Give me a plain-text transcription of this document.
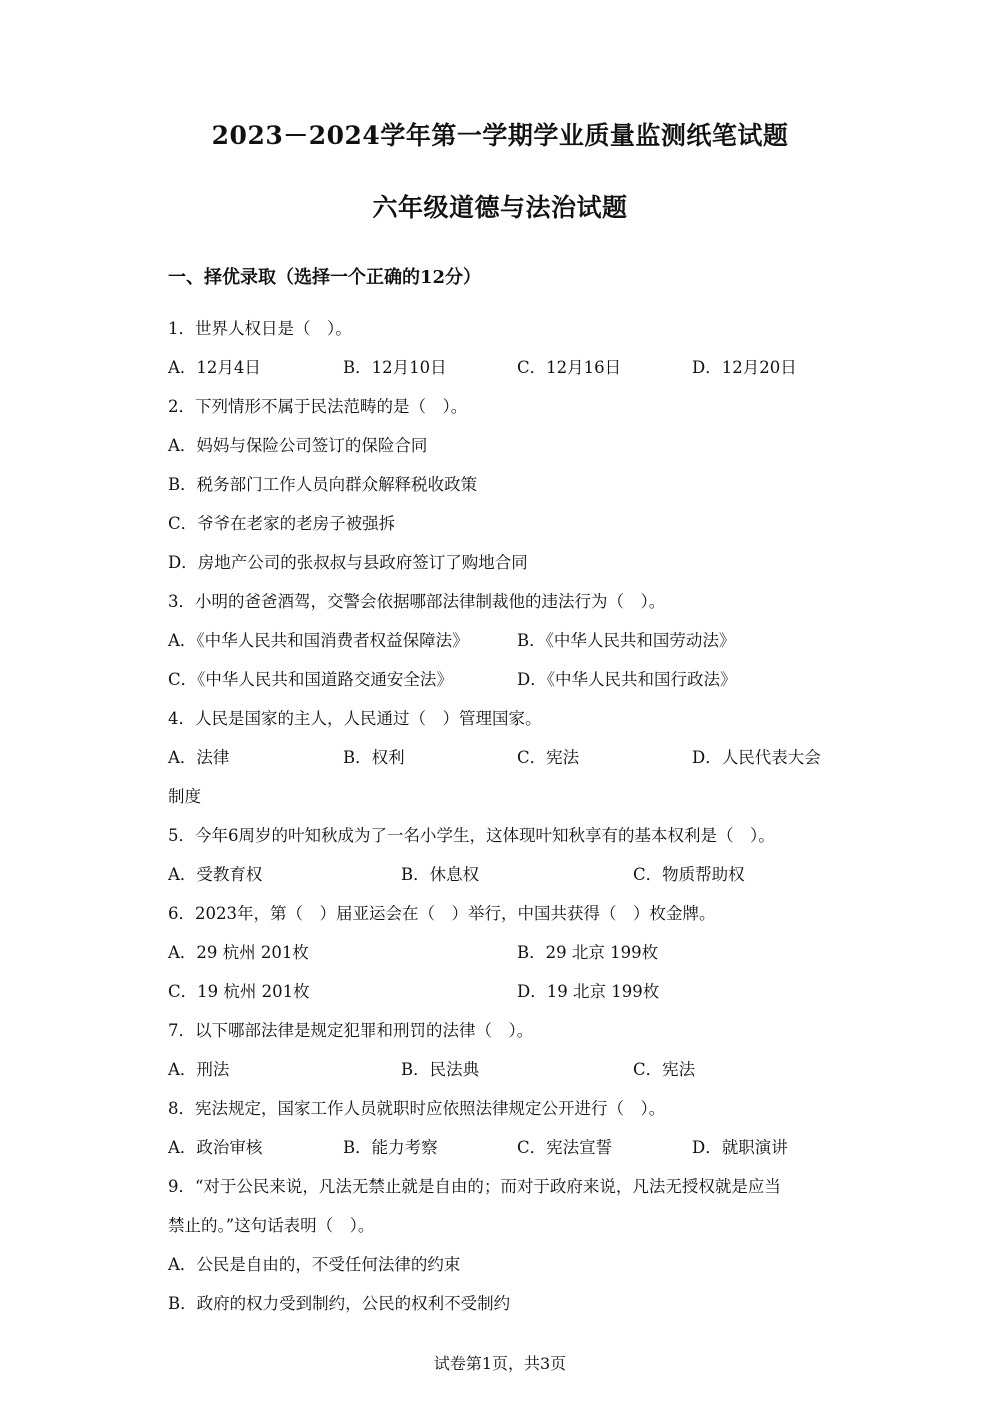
2023－2024学年第一学期学业质量监测纸笔试题
六年级道德与法治试题
一、择优录取（选择一个正确的12分）
1．世界人权日是（　）。
A．12月4日	B．12月10日	C．12月16日	D．12月20日
2．下列情形不属于民法范畴的是（　）。
A．妈妈与保险公司签订的保险合同
B．税务部门工作人员向群众解释税收政策
C．爷爷在老家的老房子被强拆
D．房地产公司的张叔叔与县政府签订了购地合同
3．小明的爸爸酒驾，交警会依据哪部法律制裁他的违法行为（　）。
A．《中华人民共和国消费者权益保障法》	B．《中华人民共和国劳动法》
C．《中华人民共和国道路交通安全法》	D．《中华人民共和国行政法》
4．人民是国家的主人，人民通过（　）管理国家。
A．法律	B．权利	C．宪法	D．人民代表大会
制度
5．今年6周岁的叶知秋成为了一名小学生，这体现叶知秋享有的基本权利是（　）。
A．受教育权	B．休息权	C．物质帮助权
6．2023年，第（　）届亚运会在（　）举行，中国共获得（　）枚金牌。
A．29 杭州 201枚	B．29 北京 199枚
C．19 杭州 201枚	D．19 北京 199枚
7．以下哪部法律是规定犯罪和刑罚的法律（　）。
A．刑法	B．民法典	C．宪法
8．宪法规定，国家工作人员就职时应依照法律规定公开进行（　）。
A．政治审核	B．能力考察	C．宪法宣誓	D．就职演讲
9．“对于公民来说，凡法无禁止就是自由的；而对于政府来说，凡法无授权就是应当
禁止的。”这句话表明（　）。
A．公民是自由的，不受任何法律的约束
B．政府的权力受到制约，公民的权利不受制约
试卷第1页，共3页
